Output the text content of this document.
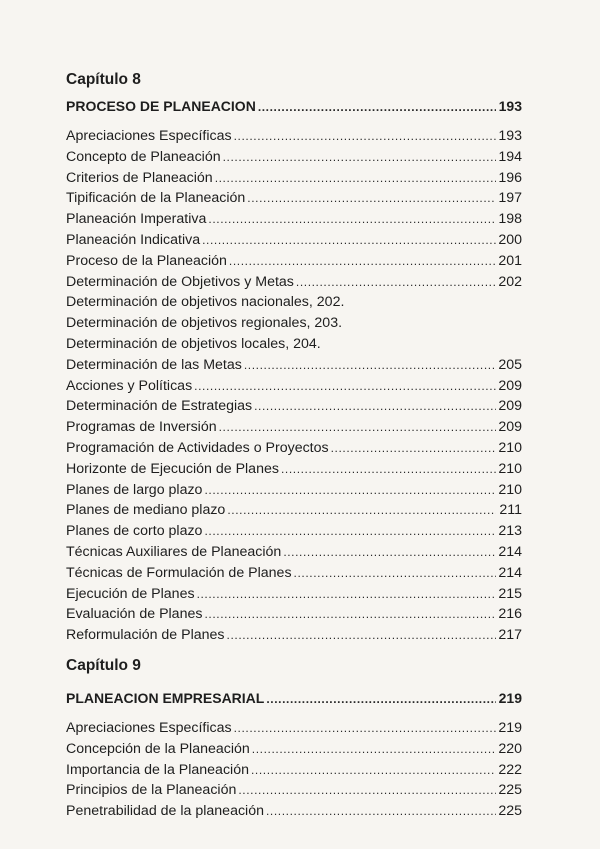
Capítulo 8
PROCESO DE PLANEACION .....	193
Apreciaciones Específicas .....	193
Concepto de Planeación .....	194
Criterios de Planeación .....	196
Tipificación de la Planeación .....	197
Planeación Imperativa .....	198
Planeación Indicativa .....	200
Proceso de la Planeación .....	201
Determinación de Objetivos y Metas .....	202
Determinación de objetivos nacionales, 202.
Determinación de objetivos regionales, 203.
Determinación de objetivos locales, 204.
Determinación de las Metas .....	205
Acciones y Políticas .....	209
Determinación de Estrategias .....	209
Programas de Inversión .....	209
Programación de Actividades o Proyectos .....	210
Horizonte de Ejecución de Planes .....	210
Planes de largo plazo .....	210
Planes de mediano plazo .....	211
Planes de corto plazo .....	213
Técnicas Auxiliares de Planeación .....	214
Técnicas de Formulación de Planes .....	214
Ejecución de Planes .....	215
Evaluación de Planes .....	216
Reformulación de Planes .....	217
Capítulo 9
PLANEACION EMPRESARIAL .....	219
Apreciaciones Específicas .....	219
Concepción de la Planeación .....	220
Importancia de la Planeación .....	222
Principios de la Planeación .....	225
Penetrabilidad de la planeación .....	225
